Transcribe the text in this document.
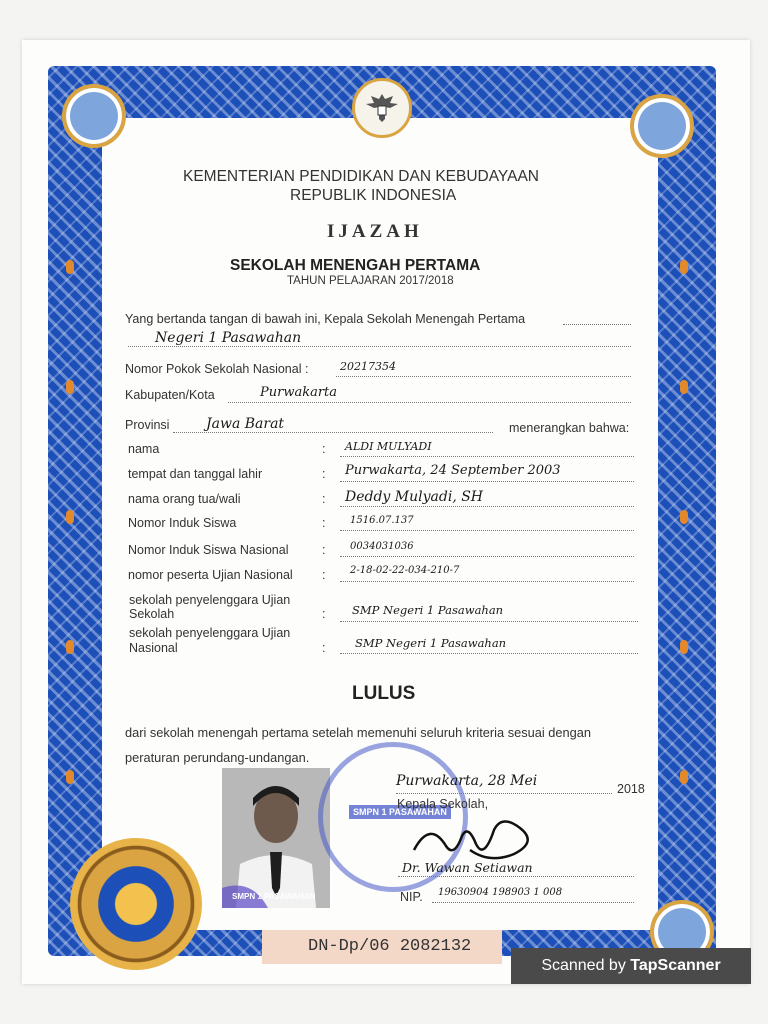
KEMENTERIAN PENDIDIKAN DAN KEBUDAYAAN
REPUBLIK INDONESIA
IJAZAH
SEKOLAH MENENGAH PERTAMA
TAHUN PELAJARAN 2017/2018
Yang bertanda tangan di bawah ini, Kepala Sekolah Menengah Pertama
Negeri 1 Pasawahan
Nomor Pokok Sekolah Nasional :	20217354
Kabupaten/Kota	Purwakarta
Provinsi	Jawa Barat	menerangkan bahwa:
nama	: ALDI MULYADI
tempat dan tanggal lahir	: Purwakarta, 24 September 2003
nama orang tua/wali	: Deddy Mulyadi, SH
Nomor Induk Siswa	: 1516.07.137
Nomor Induk Siswa Nasional	: 0034031036
nomor peserta Ujian Nasional : 2-18-02-22-034-210-7
sekolah penyelenggara Ujian
Sekolah	: SMP Negeri 1 Pasawahan
sekolah penyelenggara Ujian
Nasional	:	SMP Negeri 1 Pasawahan
LULUS
dari sekolah menengah pertama setelah memenuhi seluruh kriteria sesuai dengan
peraturan perundang-undangan.
SMPN 1 PASAWAHAN
SMPN 1 PASAWAHAN
Purwakarta, 28 Mei	2018
Kepala Sekolah,
Dr. Wawan Setiawan
NIP. 19630904 198903 1 008
DN-Dp/06 2082132
Scanned by TapScanner
